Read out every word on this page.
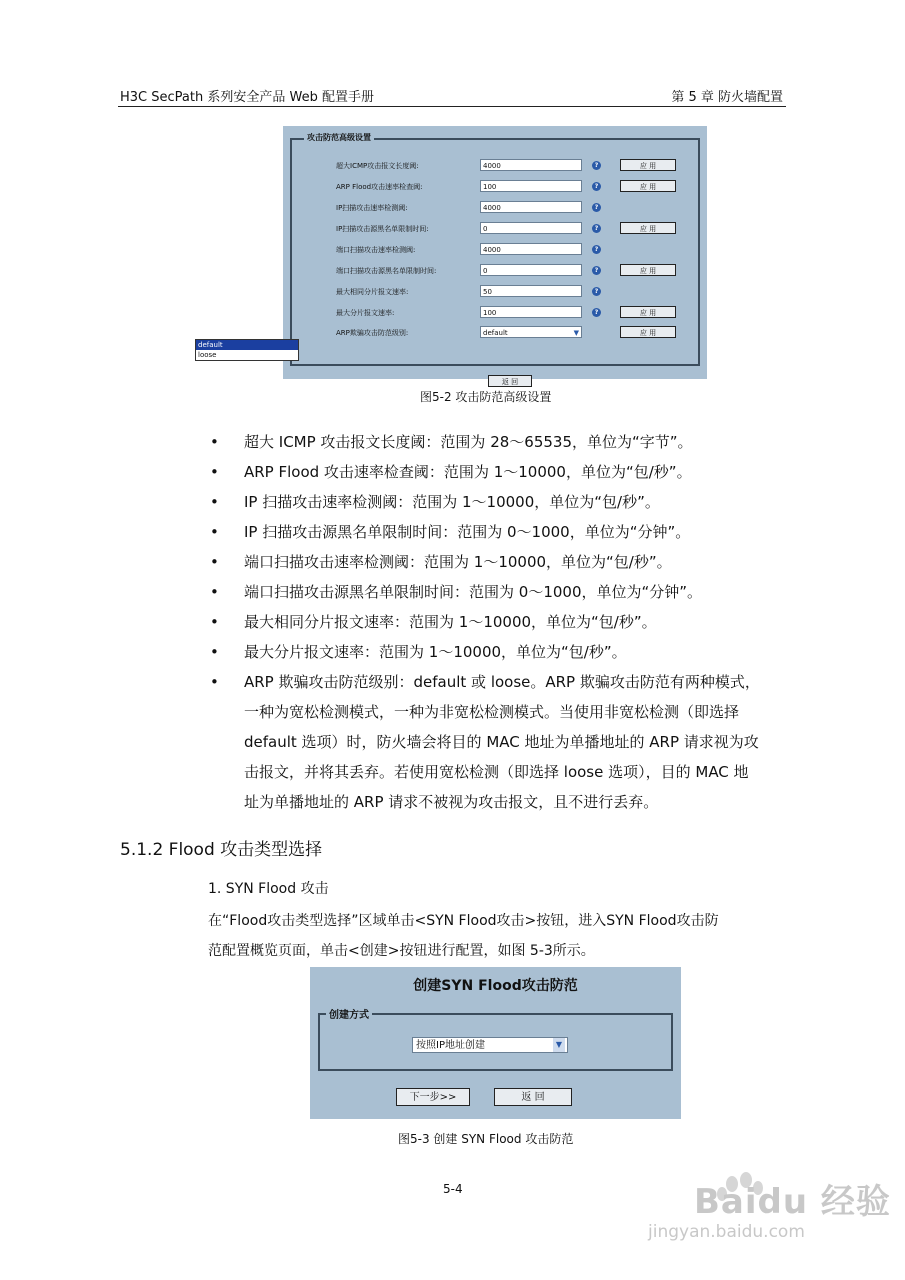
H3C SecPath 系列安全产品 Web 配置手册	第 5 章 防火墙配置
攻击防范高级设置
超大ICMP攻击报文长度阈:	4000	?	应 用
ARP Flood攻击速率检查阈:	100	?	应 用
IP扫描攻击速率检测阈:	4000	?
IP扫描攻击源黑名单限制时间:	0	?	应 用
端口扫描攻击速率检测阈:	4000	?
端口扫描攻击源黑名单限制时间:	0	?	应 用
最大相同分片报文速率:	50	?
最大分片报文速率:	100	?	应 用
ARP欺骗攻击防范级别:	default	▼	应 用
返 回
default
loose
图5-2 攻击防范高级设置
• 超大 ICMP 攻击报文长度阈：范围为 28～65535，单位为“字节”。
• ARP Flood 攻击速率检查阈：范围为 1～10000，单位为“包/秒”。
• IP 扫描攻击速率检测阈：范围为 1～10000，单位为“包/秒”。
• IP 扫描攻击源黑名单限制时间：范围为 0～1000，单位为“分钟”。
• 端口扫描攻击速率检测阈：范围为 1～10000，单位为“包/秒”。
• 端口扫描攻击源黑名单限制时间：范围为 0～1000，单位为“分钟”。
• 最大相同分片报文速率：范围为 1～10000，单位为“包/秒”。
• 最大分片报文速率：范围为 1～10000，单位为“包/秒”。
• ARP 欺骗攻击防范级别：default 或 loose。ARP 欺骗攻击防范有两种模式，
一种为宽松检测模式，一种为非宽松检测模式。当使用非宽松检测（即选择
default 选项）时，防火墙会将目的 MAC 地址为单播地址的 ARP 请求视为攻
击报文，并将其丢弃。若使用宽松检测（即选择 loose 选项），目的 MAC 地
址为单播地址的 ARP 请求不被视为攻击报文，且不进行丢弃。
5.1.2 Flood 攻击类型选择
1. SYN Flood 攻击
在“Flood攻击类型选择”区域单击<SYN Flood攻击>按钮，进入SYN Flood攻击防
范配置概览页面，单击<创建>按钮进行配置，如图 5-3所示。
创建SYN Flood攻击防范
创建方式
按照IP地址创建	▼
下一步>>	返 回
图5-3 创建 SYN Flood 攻击防范
5-4	Baidu 经验
jingyan.baidu.com
